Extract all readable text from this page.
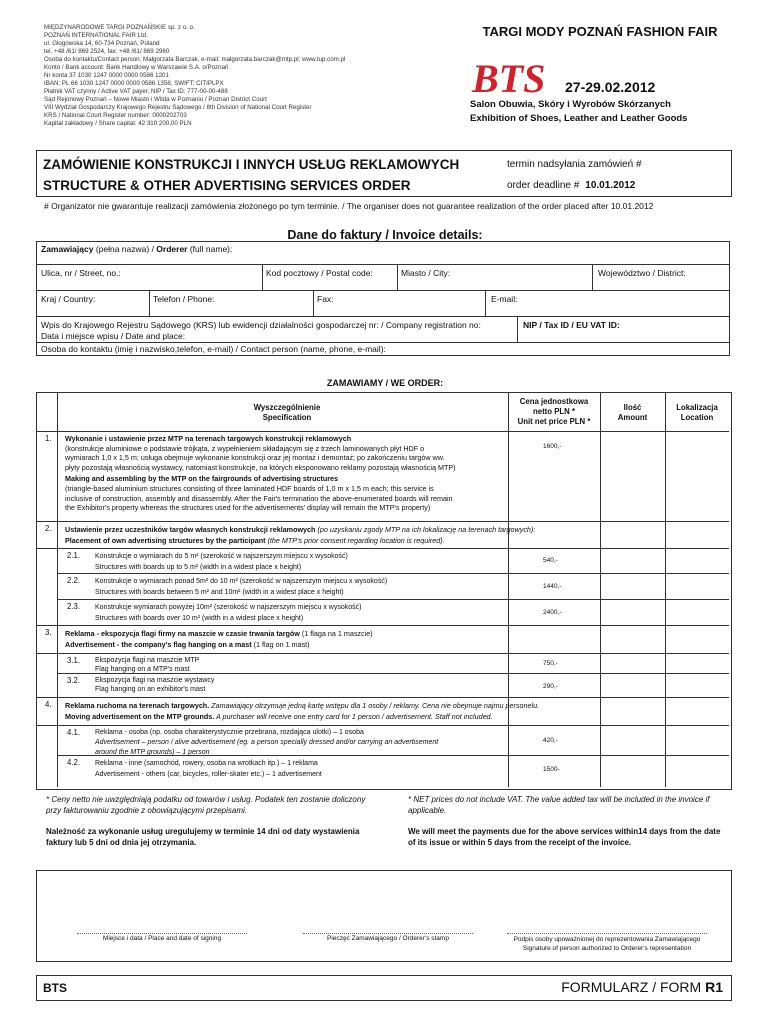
MIĘDZYNARODOWE TARGI POZNAŃSKIE sp. z o. o.
POZNAŃ INTERNATIONAL FAIR Ltd.
ul. Głogowska 14, 60-734 Poznań, Poland
tel. +48 /61/ 869 2524, fax: +48 /61/ 869 2960
Osoba do kontaktu/Contact person: Małgorzata Barczak, e-mail: malgorzata.barczak@mtp.pl; www.tup.com.pl
Konto / Bank account: Bank Handlowy w Warszawie S.A. o/Poznań
Nr konta 37 1030 1247 0000 0000 0586 1201
IBAN: PL 66 1030 1247 0000 0000 0586 1358, SWIFT: CITIPLPX
Płatnik VAT czynny / Active VAT payer, NIP / Tax ID: 777-00-00-488
Sąd Rejonowy Poznań – Nowe Miasto i Wilda w Poznaniu / Poznan District Court
VIII Wydział Gospodarczy Krajowego Rejestru Sądowego / 8th Division of National Court Register
KRS / National Court Register number: 0000202703
Kapitał zakładowy / Share capital: 42 310 200,00 PLN
TARGI MODY POZNAŃ FASHION FAIR
BTS 27-29.02.2012
Salon Obuwia, Skóry i Wyrobów Skórzanych
Exhibition of Shoes, Leather and Leather Goods
ZAMÓWIENIE KONSTRUKCJI I INNYCH USŁUG REKLAMOWYCH
STRUCTURE & OTHER ADVERTISING SERVICES ORDER
termin nadsyłania zamówień #
order deadline # 10.01.2012
# Organizator nie gwarantuje realizacji zamówienia złożonego po tym terminie. / The organiser does not guarantee realization of the order placed after 10.01.2012
Dane do faktury / Invoice details:
Zamawiający (pełna nazwa) / Orderer (full name):
Ulica, nr / Street, no.:	Kod pocztowy / Postal code:	Miasto / City:	Województwo / District:
Kraj / Country:	Telefon / Phone:	Fax:	E-mail:
Wpis do Krajowego Rejestru Sądowego (KRS) lub ewidencji działalności gospodarczej nr: / Company registration no:
Data i miejsce wpisu / Date and place:
NIP / Tax ID / EU VAT ID:
Osoba do kontaktu (imię i nazwisko,telefon, e-mail) / Contact person (name, phone, e-mail):
ZAMAWIAMY / WE ORDER:
Wyszczególnienie
Specification
Cena jednostkowa
netto PLN *
Unit net price PLN *
Ilość
Amount
Lokalizacja
Location
1.	Wykonanie i ustawienie przez MTP na terenach targowych konstrukcji reklamowych
(konstrukcje aluminiowe o podstawie trójkąta, z wypełnieniem składającym się z trzech laminowanych płyt HDF o
wymiarach 1,0 x 1,5 m; usługa obejmuje wykonanie konstrukcji oraz jej montaż i demontaż; po zakończeniu targów ww.
płyty pozostają własnością wystawcy, natomiast konstrukcje, na których eksponowano reklamy pozostają własnością MTP)
Making and assembling by the MTP on the fairgrounds of advertising structures
(triangle-based aluminium structures consisting of three laminated HDF boards of 1,0 m x 1,5 m each; this service is
inclusive of construction, assembly and disassembly. After the Fair's termination the above-enumerated boards will remain
the Exhibitor's property whereas the structures used for the advertisements' display will remain the MTP's property)
1600,-
2.	Ustawienie przez uczestników targów własnych konstrukcji reklamowych (po uzyskaniu zgody MTP na ich lokalizację na terenach targowych):
Placement of own advertising structures by the participant (the MTP's prior consent regarding location is required).
2.1.	Konstrukcje o wymiarach do 5 m² (szerokość w najszerszym miejscu x wysokość)
Structures with boards up to 5 m² (width in a widest place x height)
540,-
2.2.	Konstrukcje o wymiarach ponad 5m² do 10 m² (szerokość w najszerszym miejscu x wysokość)
Structures with boards between 5 m² and 10m² (width in a widest place x height)
1440,-
2.3.	Konstrukcje wymiarach powyżej 10m² (szerokość w najszerszym miejscu x wysokość)
Structures with boards over 10 m² (width in a widest place x height)
2400,-
3.	Reklama - ekspozycja flagi firmy na maszcie w czasie trwania targów (1 flaga na 1 maszcie)
Advertisement - the company's flag hanging on a mast (1 flag on 1 mast)
3.1.	Ekspozycja flagi na maszcie MTP
Flag hanging on a MTP's mast
750,-
3.2.	Ekspozycja flagi na maszcie wystawcy
Flag hanging on an exhibitor's mast	290,-
4.	Reklama ruchoma na terenach targowych. Zamawiający otrzymuje jedną kartę wstępu dla 1 osoby / reklamy. Cena nie obejmuje najmu personelu.
Moving advertisement on the MTP grounds. A purchaser will receive one entry card for 1 person / advertisement. Staff not included.
4.1.	Reklama - osoba (np. osoba charakterystycznie przebrana, rozdająca ulotki) – 1 osoba
Advertisement – person / alive advertisement (eg. a person specially dressed and/or carrying an advertisement
around the MTP grounds) – 1 person
420,-
4.2.	Reklama - inne (samochód, rowery, osoba na wrotkach itp.) – 1 reklama
Advertisement - others (car, bicycles, roller-skater etc.) – 1 advertisement
1500-
* Ceny netto nie uwzględniają podatku od towarów i usług. Podatek ten zostanie doliczony przy fakturowaniu zgodnie z obowiązującymi przepisami.
* NET prices do not include VAT. The value added tax will be included in the invoice if applicable.
Należność za wykonanie usług uregulujemy w terminie 14 dni od daty wystawienia faktury lub 5 dni od dnia jej otrzymania.
We will meet the payments due for the above services within14 days from the date of its issue or within 5 days from the receipt of the invoice.
Miejsce i data / Place and date of signing	Pieczęć Zamawiającego / Orderer's stamp	Podpis osoby upoważnionej do reprezentowania Zamawiającego
Signature of person authorized to Orderer's representation
BTS	FORMULARZ / FORM R1
